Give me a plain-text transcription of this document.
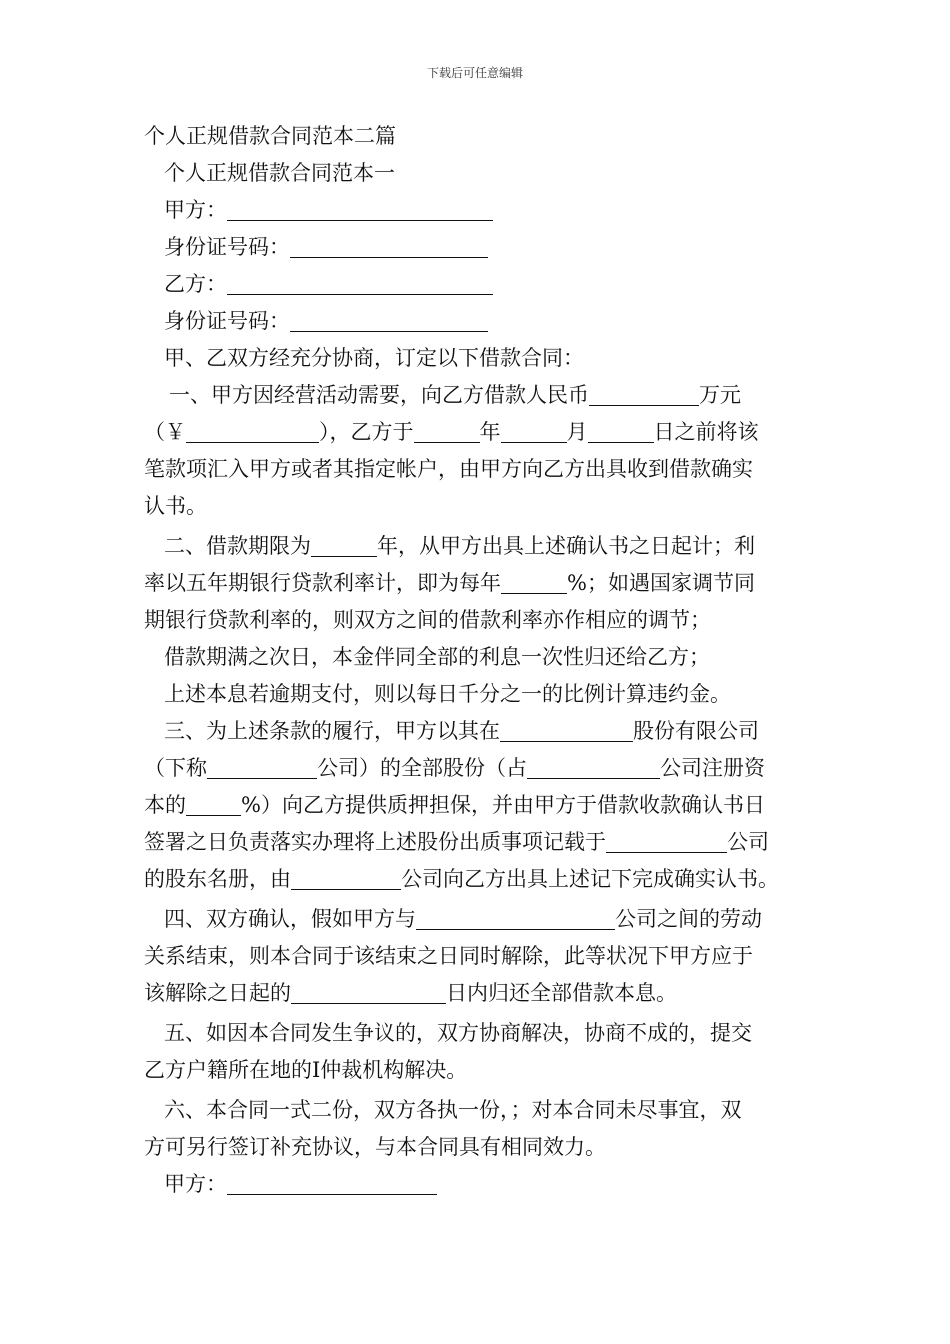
下载后可任意编辑
个人正规借款合同范本二篇
个人正规借款合同范本一
甲方：
身份证号码：
乙方：
身份证号码：
甲、乙双方经充分协商，订定以下借款合同：
一、甲方因经营活动需要，向乙方借款人民币	万元
（￥	），乙方于	年	月	日之前将该
笔款项汇入甲方或者其指定帐户，由甲方向乙方出具收到借款确实
认书。
二、借款期限为	年，从甲方出具上述确认书之日起计；利
率以五年期银行贷款利率计，即为每年	%；如遇国家调节同
期银行贷款利率的，则双方之间的借款利率亦作相应的调节；
借款期满之次日，本金伴同全部的利息一次性归还给乙方；
上述本息若逾期支付，则以每日千分之一的比例计算违约金。
三、为上述条款的履行，甲方以其在	股份有限公司
（下称	公司）的全部股份（占	公司注册资
本的	%）向乙方提供质押担保，并由甲方于借款收款确认书日
签署之日负责落实办理将上述股份出质事项记载于	公司
的股东名册，由	公司向乙方出具上述记下完成确实认书。
四、双方确认，假如甲方与	公司之间的劳动
关系结束，则本合同于该结束之日同时解除，此等状况下甲方应于
该解除之日起的	日内归还全部借款本息。
五、如因本合同发生争议的，双方协商解决，协商不成的，提交
乙方户籍所在地的I仲裁机构解决。
六、本合同一式二份，双方各执一份，；对本合同未尽事宜，双
方可另行签订补充协议，与本合同具有相同效力。
甲方：
